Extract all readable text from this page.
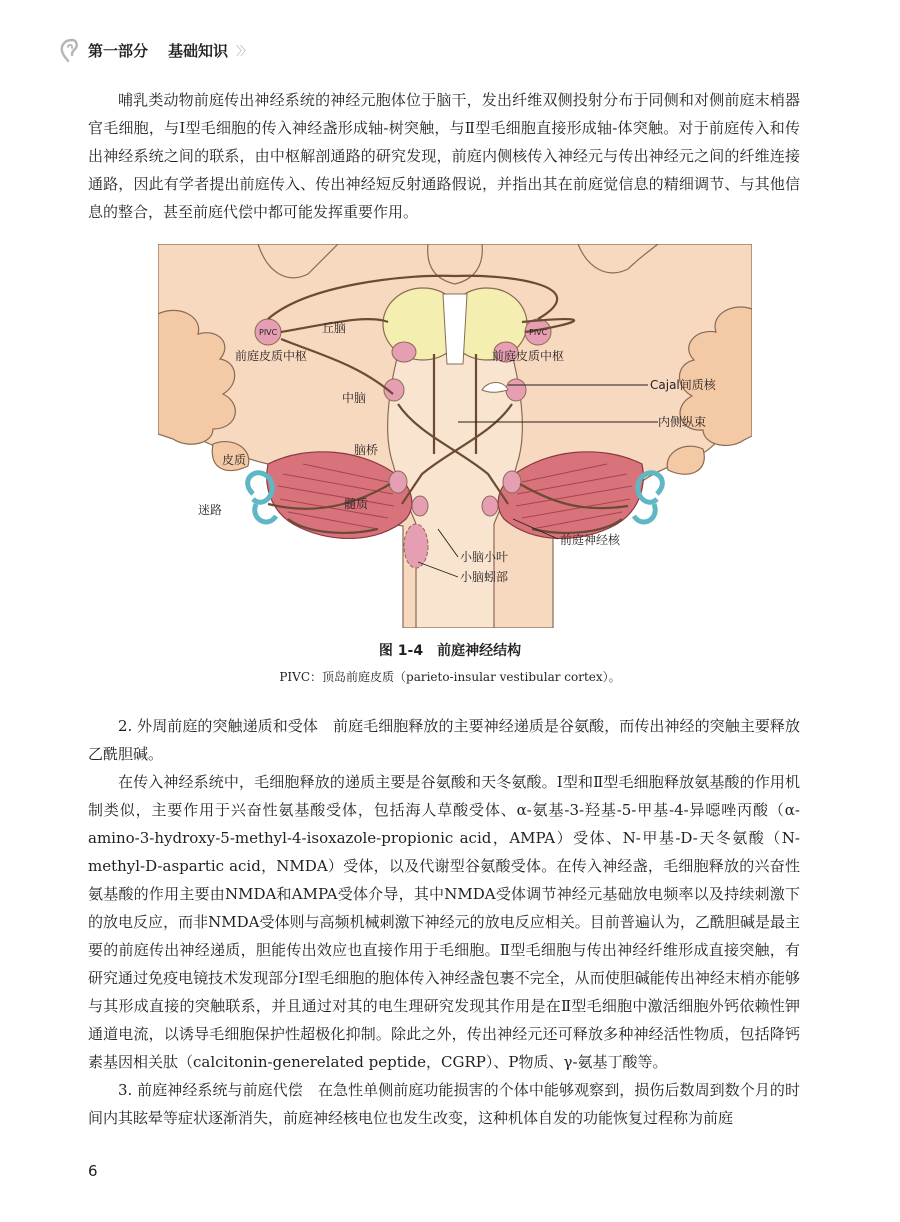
第一部分 基础知识 〉〉

哺乳类动物前庭传出神经系统的神经元胞体位于脑干，发出纤维双侧投射分布于同侧和对侧前庭末梢器官毛细胞，与Ⅰ型毛细胞的传入神经盏形成轴-树突触，与Ⅱ型毛细胞直接形成轴-体突触。对于前庭传入和传出神经系统之间的联系，由中枢解剖通路的研究发现，前庭内侧核传入神经元与传出神经元之间的纤维连接通路，因此有学者提出前庭传入、传出神经短反射通路假说，并指出其在前庭觉信息的精细调节、与其他信息的整合，甚至前庭代偿中都可能发挥重要作用。

PIVC	PIVC
丘脑
前庭皮质中枢	前庭皮质中枢
中脑
脑桥
皮质
迷路	髓质
Cajal间质核
内侧纵束
前庭神经核
小脑小叶
小脑蚓部
图 1-4　前庭神经结构
PIVC：顶岛前庭皮质（parieto-insular vestibular cortex）。

2. 外周前庭的突触递质和受体　前庭毛细胞释放的主要神经递质是谷氨酸，而传出神经的突触主要释放乙酰胆碱。

在传入神经系统中，毛细胞释放的递质主要是谷氨酸和天冬氨酸。Ⅰ型和Ⅱ型毛细胞释放氨基酸的作用机制类似，主要作用于兴奋性氨基酸受体，包括海人草酸受体、α-氨基-3-羟基-5-甲基-4-异噁唑丙酸（α-amino-3-hydroxy-5-methyl-4-isoxazole-propionic acid，AMPA）受体、N-甲基-D-天冬氨酸（N-methyl-D-aspartic acid，NMDA）受体，以及代谢型谷氨酸受体。在传入神经盏，毛细胞释放的兴奋性氨基酸的作用主要由NMDA和AMPA受体介导，其中NMDA受体调节神经元基础放电频率以及持续刺激下的放电反应，而非NMDA受体则与高频机械刺激下神经元的放电反应相关。目前普遍认为，乙酰胆碱是最主要的前庭传出神经递质，胆能传出效应也直接作用于毛细胞。Ⅱ型毛细胞与传出神经纤维形成直接突触，有研究通过免疫电镜技术发现部分Ⅰ型毛细胞的胞体传入神经盏包裹不完全，从而使胆碱能传出神经末梢亦能够与其形成直接的突触联系，并且通过对其的电生理研究发现其作用是在Ⅱ型毛细胞中激活细胞外钙依赖性钾通道电流，以诱导毛细胞保护性超极化抑制。除此之外，传出神经元还可释放多种神经活性物质，包括降钙素基因相关肽（calcitonin-generelated peptide，CGRP）、P物质、γ-氨基丁酸等。

3. 前庭神经系统与前庭代偿　在急性单侧前庭功能损害的个体中能够观察到，损伤后数周到数个月的时间内其眩晕等症状逐渐消失，前庭神经核电位也发生改变，这种机体自发的功能恢复过程称为前庭

6
